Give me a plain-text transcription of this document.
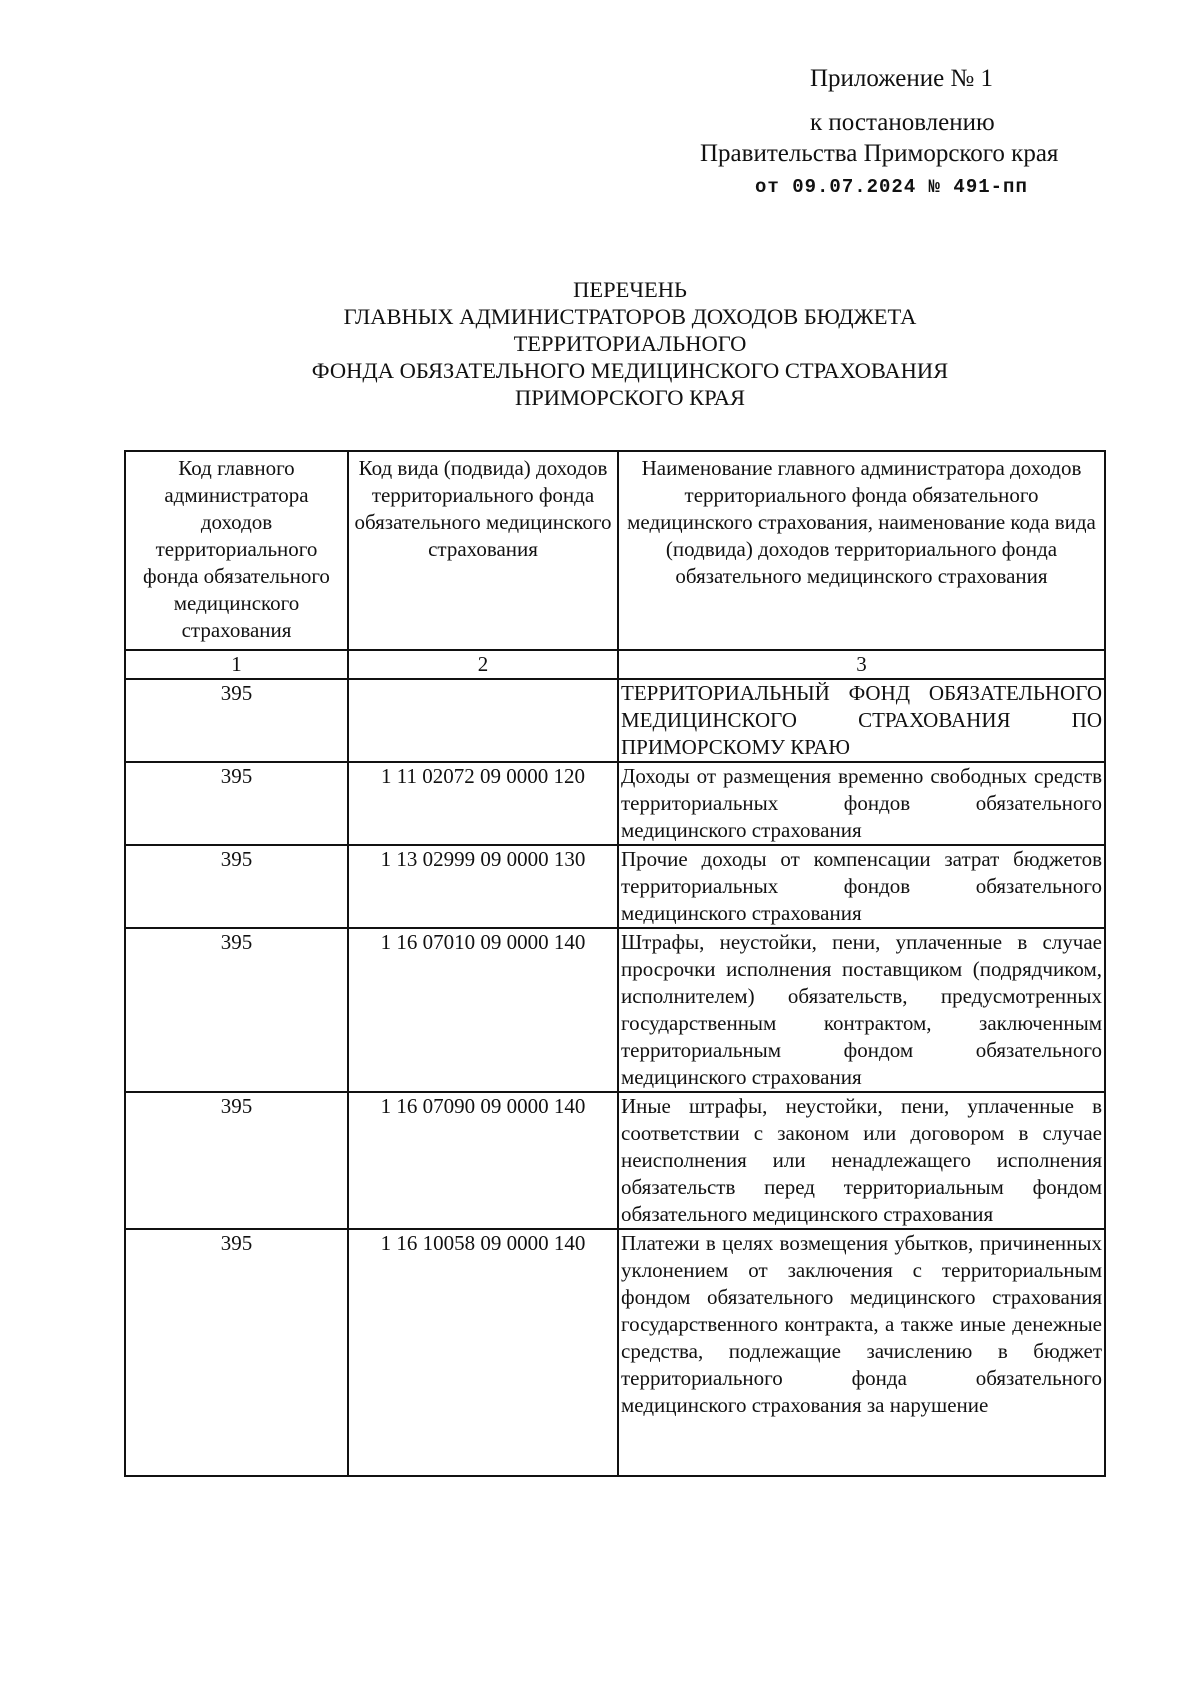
Приложение № 1
к постановлению
Правительства Приморского края
от 09.07.2024 № 491-пп
ПЕРЕЧЕНЬ
ГЛАВНЫХ АДМИНИСТРАТОРОВ ДОХОДОВ БЮДЖЕТА
ТЕРРИТОРИАЛЬНОГО
ФОНДА ОБЯЗАТЕЛЬНОГО МЕДИЦИНСКОГО СТРАХОВАНИЯ
ПРИМОРСКОГО КРАЯ
Код главного администратора доходов территориального фонда обязательного медицинского страхования	Код вида (подвида) доходов территориального фонда обязательного медицинского страхования	Наименование главного администратора доходов территориального фонда обязательного медицинского страхования, наименование кода вида (подвида) доходов территориального фонда обязательного медицинского страхования
1	2	3
395		ТЕРРИТОРИАЛЬНЫЙ ФОНД ОБЯЗАТЕЛЬНОГО МЕДИЦИНСКОГО СТРАХОВАНИЯ ПО ПРИМОРСКОМУ КРАЮ
395	1 11 02072 09 0000 120	Доходы от размещения временно свободных средств территориальных фондов обязательного медицинского страхования
395	1 13 02999 09 0000 130	Прочие доходы от компенсации затрат бюджетов территориальных фондов обязательного медицинского страхования
395	1 16 07010 09 0000 140	Штрафы, неустойки, пени, уплаченные в случае просрочки исполнения поставщиком (подрядчиком, исполнителем) обязательств, предусмотренных государственным контрактом, заключенным территориальным фондом обязательного медицинского страхования
395	1 16 07090 09 0000 140	Иные штрафы, неустойки, пени, уплаченные в соответствии с законом или договором в случае неисполнения или ненадлежащего исполнения обязательств перед территориальным фондом обязательного медицинского страхования
395	1 16 10058 09 0000 140	Платежи в целях возмещения убытков, причиненных уклонением от заключения с территориальным фондом обязательного медицинского страхования государственного контракта, а также иные денежные средства, подлежащие зачислению в бюджет территориального фонда обязательного медицинского страхования за нарушение
